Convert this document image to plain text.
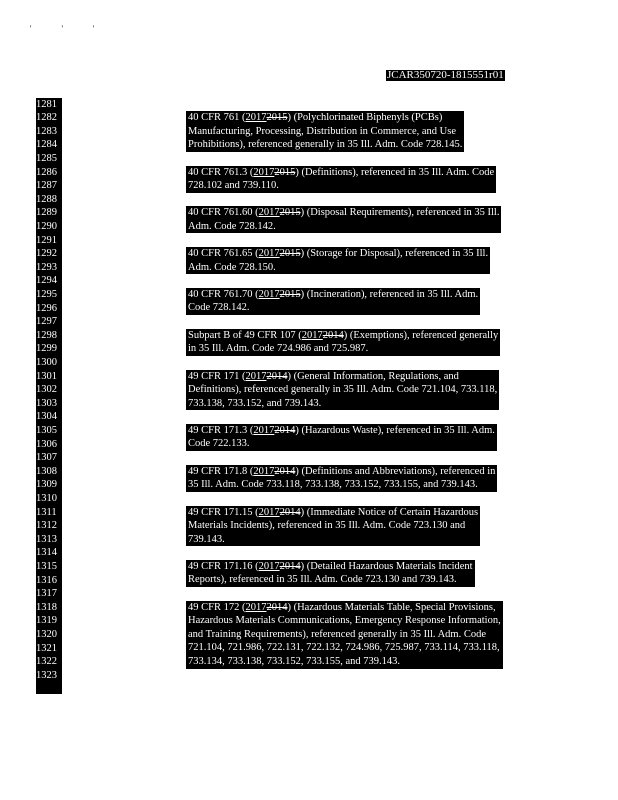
' ' '
JCAR350720-1815551r01
1281
1282
1283
1284
1285
1286
1287
1288
1289
1290
1291
1292
1293
1294
1295
1296
1297
1298
1299
1300
1301
1302
1303
1304
1305
1306
1307
1308
1309
1310
1311
1312
1313
1314
1315
1316
1317
1318
1319
1320
1321
1322
1323
40 CFR 761 (20172015) (Polychlorinated Biphenyls (PCBs)
Manufacturing, Processing, Distribution in Commerce, and Use
Prohibitions), referenced generally in 35 Ill. Adm. Code 728.145.
40 CFR 761.3 (20172015) (Definitions), referenced in 35 Ill. Adm. Code
728.102 and 739.110.
40 CFR 761.60 (20172015) (Disposal Requirements), referenced in 35 Ill.
Adm. Code 728.142.
40 CFR 761.65 (20172015) (Storage for Disposal), referenced in 35 Ill.
Adm. Code 728.150.
40 CFR 761.70 (20172015) (Incineration), referenced in 35 Ill. Adm.
Code 728.142.
Subpart B of 49 CFR 107 (20172014) (Exemptions), referenced generally
in 35 Ill. Adm. Code 724.986 and 725.987.
49 CFR 171 (20172014) (General Information, Regulations, and
Definitions), referenced generally in 35 Ill. Adm. Code 721.104, 733.118,
733.138, 733.152, and 739.143.
49 CFR 171.3 (20172014) (Hazardous Waste), referenced in 35 Ill. Adm.
Code 722.133.
49 CFR 171.8 (20172014) (Definitions and Abbreviations), referenced in
35 Ill. Adm. Code 733.118, 733.138, 733.152, 733.155, and 739.143.
49 CFR 171.15 (20172014) (Immediate Notice of Certain Hazardous
Materials Incidents), referenced in 35 Ill. Adm. Code 723.130 and
739.143.
49 CFR 171.16 (20172014) (Detailed Hazardous Materials Incident
Reports), referenced in 35 Ill. Adm. Code 723.130 and 739.143.
49 CFR 172 (20172014) (Hazardous Materials Table, Special Provisions,
Hazardous Materials Communications, Emergency Response Information,
and Training Requirements), referenced generally in 35 Ill. Adm. Code
721.104, 721.986, 722.131, 722.132, 724.986, 725.987, 733.114, 733.118,
733.134, 733.138, 733.152, 733.155, and 739.143.
